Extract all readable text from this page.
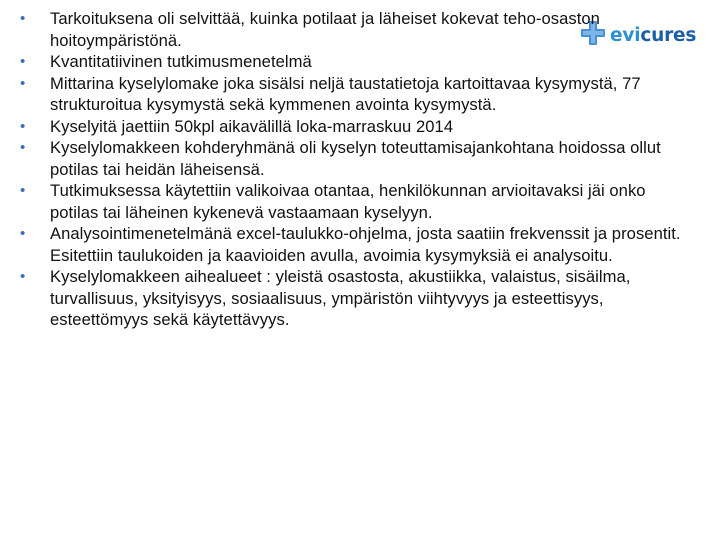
evicures
•	Tarkoituksena oli selvittää, kuinka potilaat ja läheiset kokevat teho-osaston hoitoympäristönä.
•	Kvantitatiivinen tutkimusmenetelmä
•	Mittarina kyselylomake joka sisälsi neljä taustatietoja kartoittavaa kysymystä, 77 strukturoitua kysymystä sekä kymmenen avointa kysymystä.
•	Kyselyitä jaettiin 50kpl aikavälillä loka-marraskuu 2014
•	Kyselylomakkeen kohderyhmänä oli kyselyn toteuttamisajankohtana hoidossa ollut potilas tai heidän läheisensä.
•	Tutkimuksessa käytettiin valikoivaa otantaa, henkilökunnan arvioitavaksi jäi onko potilas tai läheinen kykenevä vastaamaan kyselyyn.
•	Analysointimenetelmänä excel-taulukko-ohjelma, josta saatiin frekvenssit ja prosentit. Esitettiin taulukoiden ja kaavioiden avulla, avoimia kysymyksiä ei analysoitu.
•	Kyselylomakkeen aihealueet : yleistä osastosta, akustiikka, valaistus, sisäilma, turvallisuus, yksityisyys, sosiaalisuus, ympäristön viihtyvyys ja esteettisyys, esteettömyys sekä käytettävyys.
